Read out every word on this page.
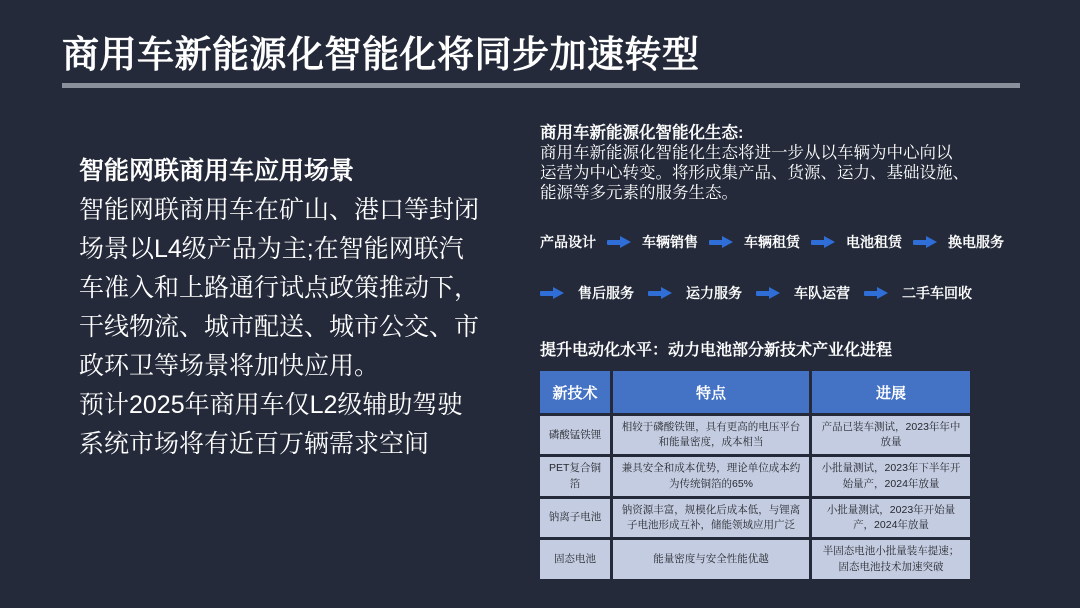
商用车新能源化智能化将同步加速转型
智能网联商用车应用场景
智能网联商用车在矿山、港口等封闭
场景以L4级产品为主;在智能网联汽
车准入和上路通行试点政策推动下，
干线物流、城市配送、城市公交、市
政环卫等场景将加快应用。
预计2025年商用车仅L2级辅助驾驶
系统市场将有近百万辆需求空间
商用车新能源化智能化生态:
商用车新能源化智能化生态将进一步从以车辆为中心向以
运营为中心转变。将形成集产品、货源、运力、基础设施、
能源等多元素的服务生态。
产品设计	车辆销售	车辆租赁	电池租赁	换电服务
售后服务	运力服务	车队运营	二手车回收
提升电动化水平：动力电池部分新技术产业化进程
新技术	特点	进展
磷酸锰铁锂	相较于磷酸铁锂，具有更高的电压平台和能量密度，成本相当	产品已装车测试，2023年年中放量
PET复合铜箔	兼具安全和成本优势，理论单位成本约为传统铜箔的65%	小批量测试，2023年下半年开始量产，2024年放量
钠离子电池	钠资源丰富，规模化后成本低，与锂离子电池形成互补，储能领域应用广泛	小批量测试，2023年开始量产，2024年放量
固态电池	能量密度与安全性能优越	半固态电池小批量装车提速；固态电池技术加速突破
